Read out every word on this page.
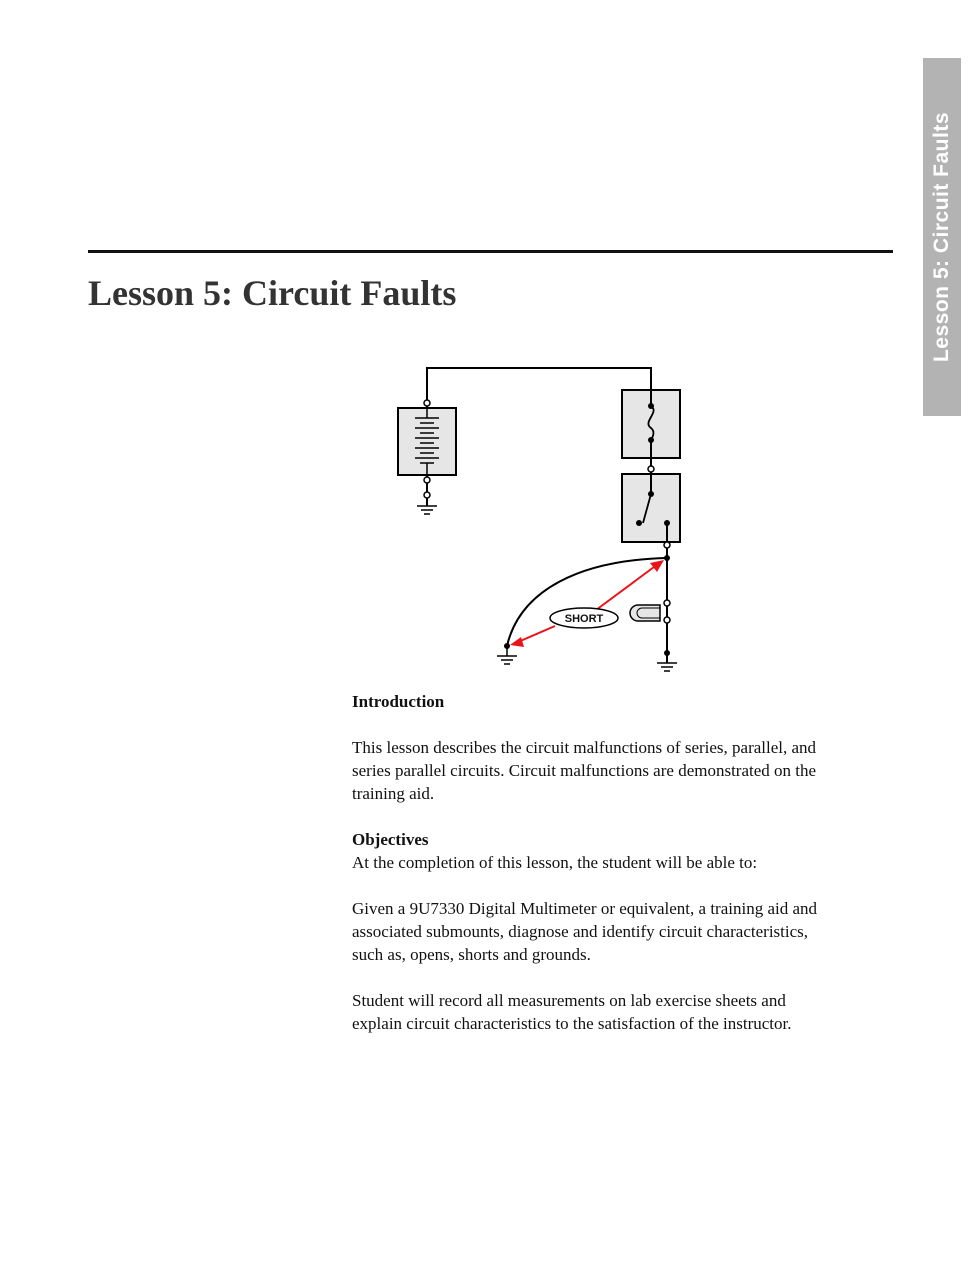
Lesson 5: Circuit Faults
Lesson 5: Circuit Faults
SHORT
Introduction

This lesson describes the circuit malfunctions of series, parallel, and

series parallel circuits. Circuit malfunctions are demonstrated on the

training aid.

Objectives

At the completion of this lesson, the student will be able to:

Given a 9U7330 Digital Multimeter or equivalent, a training aid and

associated submounts, diagnose and identify circuit characteristics,

such as, opens, shorts and grounds.

Student will record all measurements on lab exercise sheets and

explain circuit characteristics to the satisfaction of the instructor.
